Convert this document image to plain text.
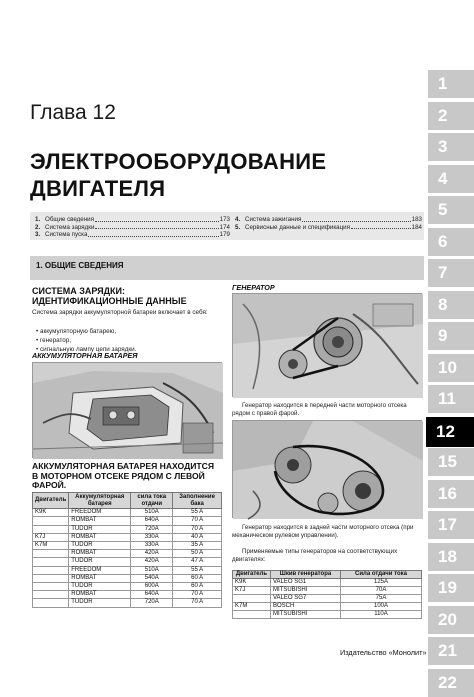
1
2
3
4
5
6
7
8
9
10
11
12
15
16
17
18
19
20
21
22
Глава 12
ЭЛЕКТРООБОРУДОВАНИЕ
ДВИГАТЕЛЯ
1. Общие сведения	173
2. Система зарядки	174
3. Система пуска	179
4. Система зажигания	183
5. Сервисные данные и спецификация	184
1. ОБЩИЕ СВЕДЕНИЯ
СИСТЕМА ЗАРЯДКИ:
ИДЕНТИФИКАЦИОННЫЕ ДАННЫЕ
Система зарядки аккумуляторной батареи включает в себя:
• аккумуляторную батарею,
• генератор,
• сигнальную лампу цепи зарядки.
АККУМУЛЯТОРНАЯ БАТАРЕЯ
АККУМУЛЯТОРНАЯ БАТАРЕЯ НАХОДИТСЯ В МОТОРНОМ ОТСЕКЕ РЯДОМ С ЛЕВОЙ ФАРОЙ.
Двигатель	Аккумуляторная батарея	сила тока отдачи	Заполнение бака
K9K	FREEDOM	510A	55 A
	ROMBAT	640A	70 A
	TUDOR	720A	70 A
K7J	ROMBAT	330A	40 A
K7M	TUDOR	330A	35 A
	ROMBAT	420A	50 A
	TUDOR	420A	47 A
	FREEDOM	510A	55 A
	ROMBAT	540A	60 A
	TUDOR	600A	60 A
	ROMBAT	640A	70 A
	TUDOR	720A	70 A
ГЕНЕРАТОР
Генератор находится в передней части моторного отсека рядом с правой фарой.
Генератор находится в задней части моторного отсека (при механическом рулевом управлении).
Применяемые типы генераторов на соответствующих двигателях:
Двигатель	Шкив генератора	Сила отдачи тока
K9K	VALEO SG1	125A
K7J	MITSUBISHI	70A
	VALEO SG7	75A
K7M	BOSCH	100A
	MITSUBISHI	110A
Издательство «Монолит»
